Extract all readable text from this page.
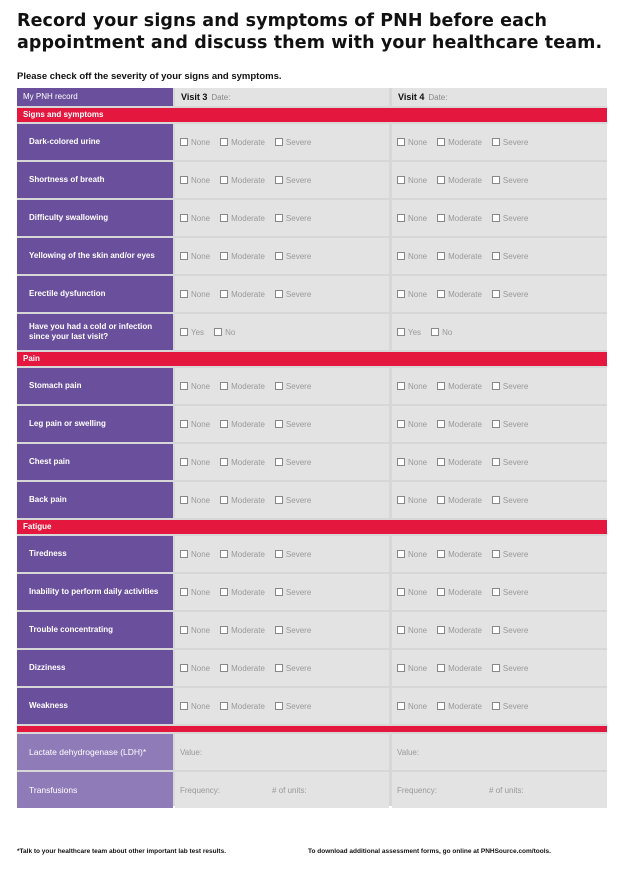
Record your signs and symptoms of PNH before each
appointment and discuss them with your healthcare team.
Please check off the severity of your signs and symptoms.
My PNH record	Visit 3 Date:	Visit 4 Date:
Signs and symptoms
Dark-colored urine	None	Moderate	Severe	None	Moderate	Severe
Shortness of breath	None	Moderate	Severe	None	Moderate	Severe
Difficulty swallowing	None	Moderate	Severe	None	Moderate	Severe
Yellowing of the skin and/or eyes	None	Moderate	Severe	None	Moderate	Severe
Erectile dysfunction	None	Moderate	Severe	None	Moderate	Severe
Have you had a cold or infection since your last visit?	Yes	No	Yes	No
Pain
Stomach pain	None	Moderate	Severe	None	Moderate	Severe
Leg pain or swelling	None	Moderate	Severe	None	Moderate	Severe
Chest pain	None	Moderate	Severe	None	Moderate	Severe
Back pain	None	Moderate	Severe	None	Moderate	Severe
Fatigue
Tiredness	None	Moderate	Severe	None	Moderate	Severe
Inability to perform daily activities	None	Moderate	Severe	None	Moderate	Severe
Trouble concentrating	None	Moderate	Severe	None	Moderate	Severe
Dizziness	None	Moderate	Severe	None	Moderate	Severe
Weakness	None	Moderate	Severe	None	Moderate	Severe
Lactate dehydrogenase (LDH)*	Value:	Value:
Transfusions	Frequency:	# of units:	Frequency:	# of units:
*Talk to your healthcare team about other important lab test results.	To download additional assessment forms, go online at PNHSource.com/tools.
